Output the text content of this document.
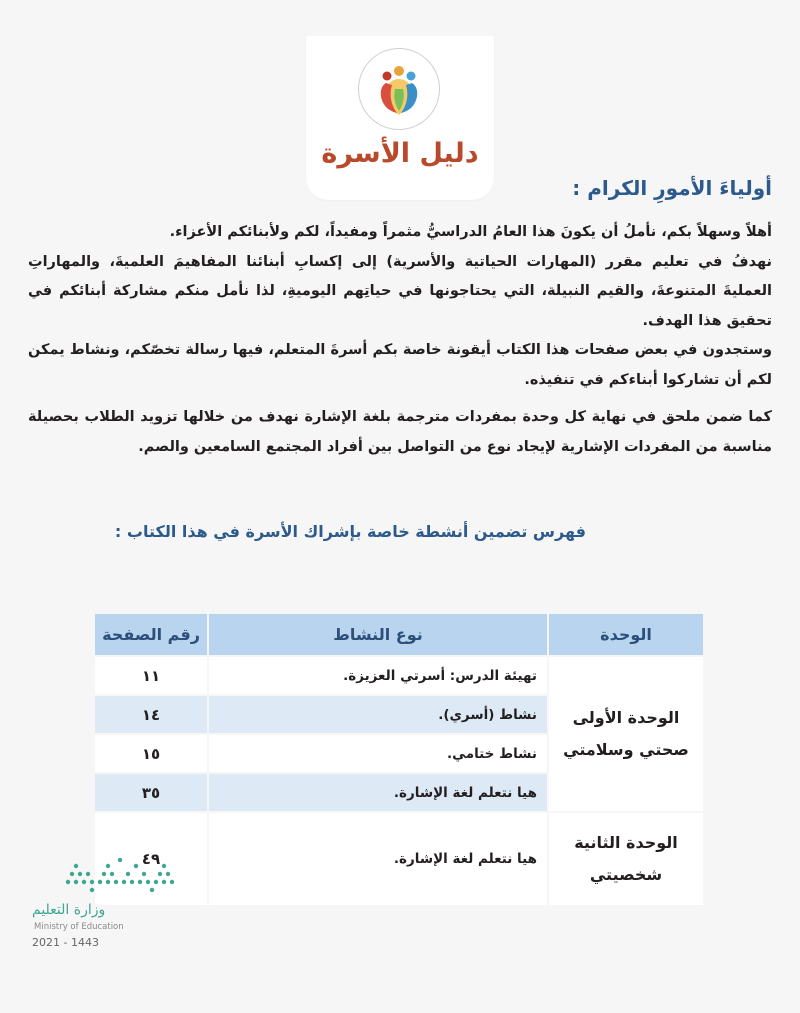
دليل الأسرة
أولياءَ الأمورِ الكرام :

أهلاً وسهلاً بكم، نأملُ أن يكونَ هذا العامُ الدراسيُّ مثمراً ومفيداً، لكم ولأبنائكم الأعزاء.

نهدفُ في تعليم مقرر (المهارات الحياتية والأسرية) إلى إكسابِ أبنائنا المفاهيمَ العلميةَ، والمهاراتِ العمليةَ المتنوعةَ، والقيم النبيلة، التي يحتاجونها في حياتِهم اليوميةِ، لذا نأمل منكم مشاركة أبنائكم في تحقيق هذا الهدف.

وستجدون في بعض صفحات هذا الكتاب أيقونة خاصة بكم أسرةَ المتعلم، فيها رسالة تخصّكم، ونشاط يمكن لكم أن تشاركوا أبناءكم في تنفيذه.

كما ضمن ملحق في نهاية كل وحدة بمفردات مترجمة بلغة الإشارة نهدف من خلالها تزويد الطلاب بحصيلة مناسبة من المفردات الإشارية لإيجاد نوع من التواصل بين أفراد المجتمع السامعين والصم.

فهرس تضمين أنشطة خاصة بإشراك الأسرة في هذا الكتاب :
الوحدة	نوع النشاط	رقم الصفحة

الوحدة الأولى
صحتي وسلامتي	تهيئة الدرس: أسرتي العزيزة.	١١
	نشاط (أسري).	١٤
	نشاط ختامي.	١٥
	هيا نتعلم لغة الإشارة.	٣٥

الوحدة الثانية
شخصيتي	هيا نتعلم لغة الإشارة.	٤٩
وزارة التعليم
Ministry of Education
2021 - 1443
